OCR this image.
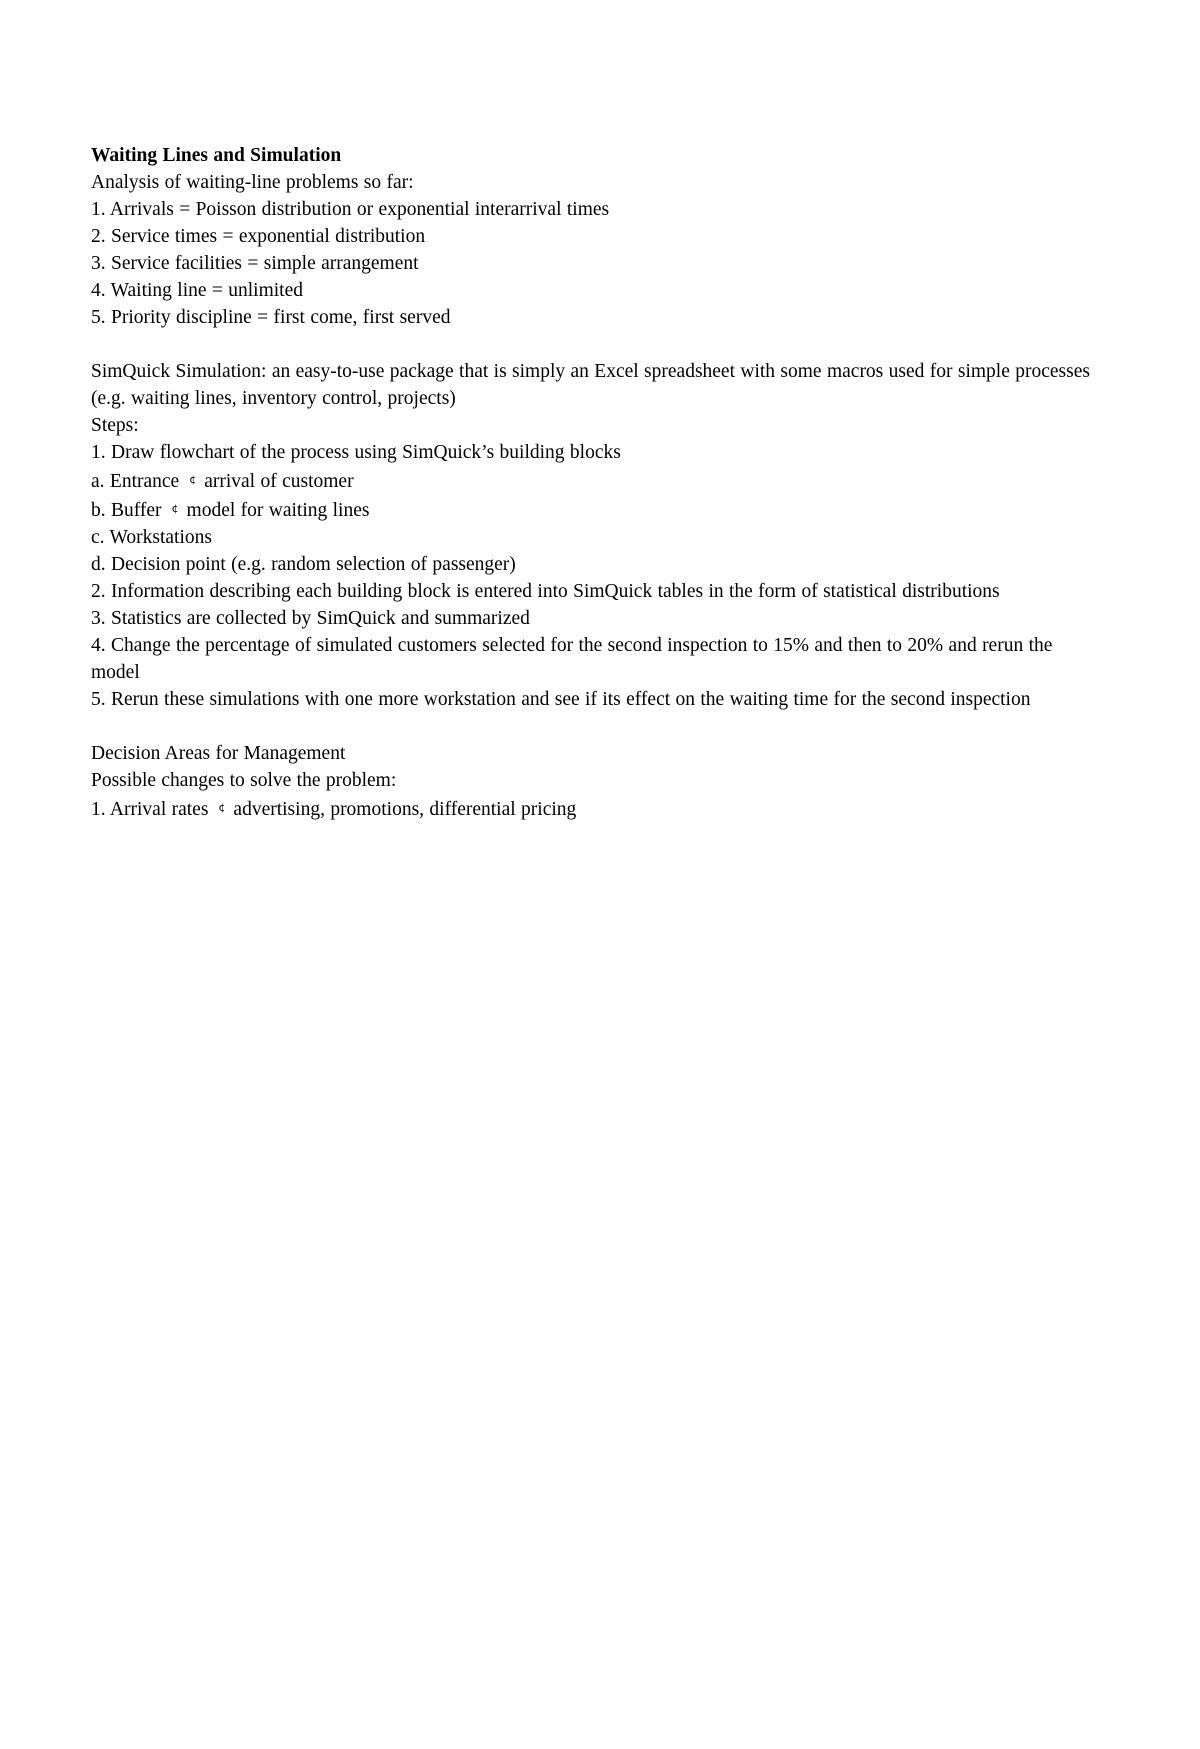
Waiting Lines and Simulation

Analysis of waiting-line problems so far:

1. Arrivals = Poisson distribution or exponential interarrival times

2. Service times = exponential distribution

3. Service facilities = simple arrangement

4. Waiting line = unlimited

5. Priority discipline = first come, first served

SimQuick Simulation: an easy-to-use package that is simply an Excel spreadsheet with some macros used for simple processes (e.g. waiting lines, inventory control, projects)

Steps:

1. Draw flowchart of the process using SimQuick’s building blocks

a. Entrance ¢ arrival of customer

b. Buffer ¢ model for waiting lines

c. Workstations

d. Decision point (e.g. random selection of passenger)

2. Information describing each building block is entered into SimQuick tables in the form of statistical distributions

3. Statistics are collected by SimQuick and summarized

4. Change the percentage of simulated customers selected for the second inspection to 15% and then to 20% and rerun the model

5. Rerun these simulations with one more workstation and see if its effect on the waiting time for the second inspection

Decision Areas for Management

Possible changes to solve the problem:

1. Arrival rates ¢ advertising, promotions, differential pricing
